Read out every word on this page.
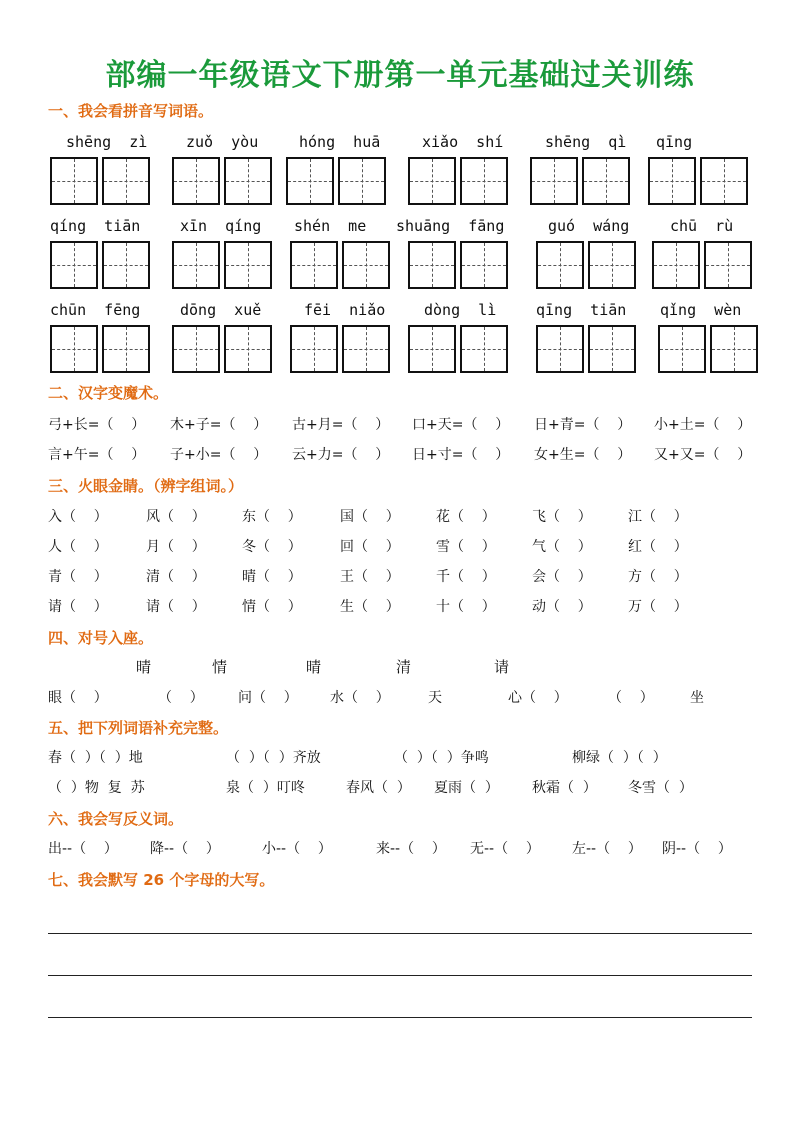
部编一年级语文下册第一单元基础过关训练
一、我会看拼音写词语。
shēng  zì	zuǒ  yòu	hóng  huā	xiǎo  shí	shēng  qì qīng
qíng  tiān	xīn  qíng shén  me shuāng  fāng	guó  wáng	chū  rù
chūn  fēng	dōng  xuě	fēi  niǎo	dòng  lì	qīng  tiān qǐng  wèn
二、汉字变魔术。
弓+长=（    ） 木+子=（    ） 古+月=（    ） 口+天=（    ） 日+青=（    ） 小+土=（    ）
言+午=（    ） 子+小=（    ） 云+力=（    ） 日+寸=（    ） 女+生=（    ） 又+又=（    ）
三、火眼金睛。（辨字组词。）
入（    ）	风（    ）	东（    ）	国（    ）	花（    ）	飞（    ）	江（    ）
人（    ）	月（    ）	冬（    ）	回（    ）	雪（    ）	气（    ）	红（    ）
青（    ）	清（    ）	晴（    ）	王（    ）	千（    ）	会（    ）	方（    ）
请（    ）	请（    ）	情（    ）	生（    ）	十（    ）	动（    ）	万（    ）
四、对号入座。
晴	情	晴	清	请
眼（    ）	（    ） 问（    ） 水（    ）	天	心（    ）	（    ）	坐
五、把下列词语补充完整。
春（  ）（  ）地	（  ）（  ）齐放	（  ）（  ）争鸣	柳绿（  ）（  ）
（  ）物  复  苏	泉（  ）叮咚	春风（  ） 夏雨（  ） 秋霜（  ） 冬雪（  ）
六、我会写反义词。
出--（    ） 降--（    ）	小--（    ）	来--（    ） 无--（    ） 左--（    ） 阴--（    ）
七、我会默写 26 个字母的大写。
